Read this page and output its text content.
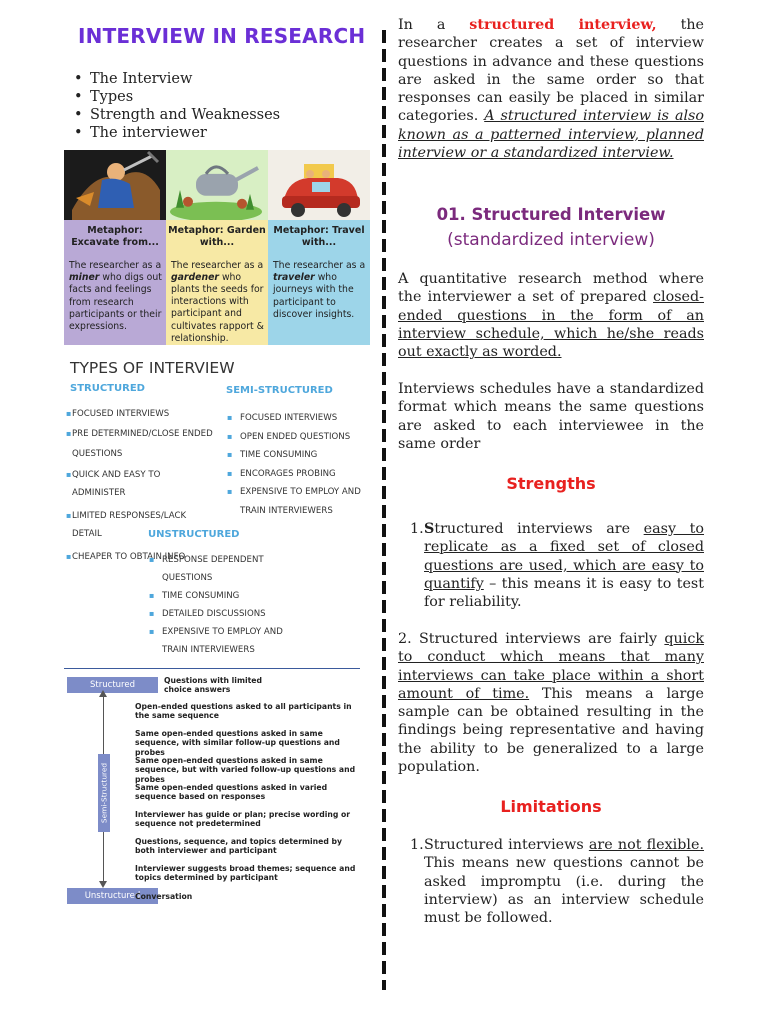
INTERVIEW IN RESEARCH
• The Interview
• Types
• Strength and Weaknesses
• The interviewer
Metaphor: Excavate from...
The researcher as a miner who digs out facts and feelings from research participants or their expressions.
Metaphor: Garden with...
The researcher as a gardener who plants the seeds for interactions with participant and cultivates rapport & relationship.
Metaphor: Travel with...
The researcher as a traveler who journeys with the participant to discover insights.
TYPES OF INTERVIEW
STRUCTURED
▪ FOCUSED INTERVIEWS
▪ PRE DETERMINED/CLOSE ENDED QUESTIONS
▪ QUICK AND EASY TO ADMINISTER
▪ LIMITED RESPONSES/LACK DETAIL
▪ CHEAPER TO OBTAIN INFO
SEMI-STRUCTURED
▪ FOCUSED INTERVIEWS
▪ OPEN ENDED QUESTIONS
▪ TIME CONSUMING
▪ ENCORAGES PROBING
▪ EXPENSIVE TO EMPLOY AND TRAIN INTERVIEWERS
UNSTRUCTURED
▪ RESPONSE DEPENDENT QUESTIONS
▪ TIME CONSUMING
▪ DETAILED DISCUSSIONS
▪ EXPENSIVE TO EMPLOY AND TRAIN INTERVIEWERS
Structured
Semi-Structured
Unstructured
Questions with limited choice answers
Open-ended questions asked to all participants in the same sequence
Same open-ended questions asked in same sequence, with similar follow-up questions and probes
Same open-ended questions asked in same sequence, but with varied follow-up questions and probes
Same open-ended questions asked in varied sequence based on responses
Interviewer has guide or plan; precise wording or sequence not predetermined
Questions, sequence, and topics determined by both interviewer and participant
Interviewer suggests broad themes; sequence and topics determined by participant
Conversation

In a structured interview, the researcher creates a set of interview questions in advance and these questions are asked in the same order so that responses can easily be placed in similar categories. A structured interview is also known as a patterned interview, planned interview or a standardized interview.

01. Structured Interview
(standardized interview)

A quantitative research method where the interviewer a set of prepared closed-ended questions in the form of an interview schedule, which he/she reads out exactly as worded.

Interviews schedules have a standardized format which means the same questions are asked to each interviewee in the same order

Strengths
1. Structured interviews are easy to replicate as a fixed set of closed questions are used, which are easy to quantify – this means it is easy to test for reliability.

2. Structured interviews are fairly quick to conduct which means that many interviews can take place within a short amount of time. This means a large sample can be obtained resulting in the findings being representative and having the ability to be generalized to a large population.

Limitations
1. Structured interviews are not flexible. This means new questions cannot be asked impromptu (i.e. during the interview) as an interview schedule must be followed.
